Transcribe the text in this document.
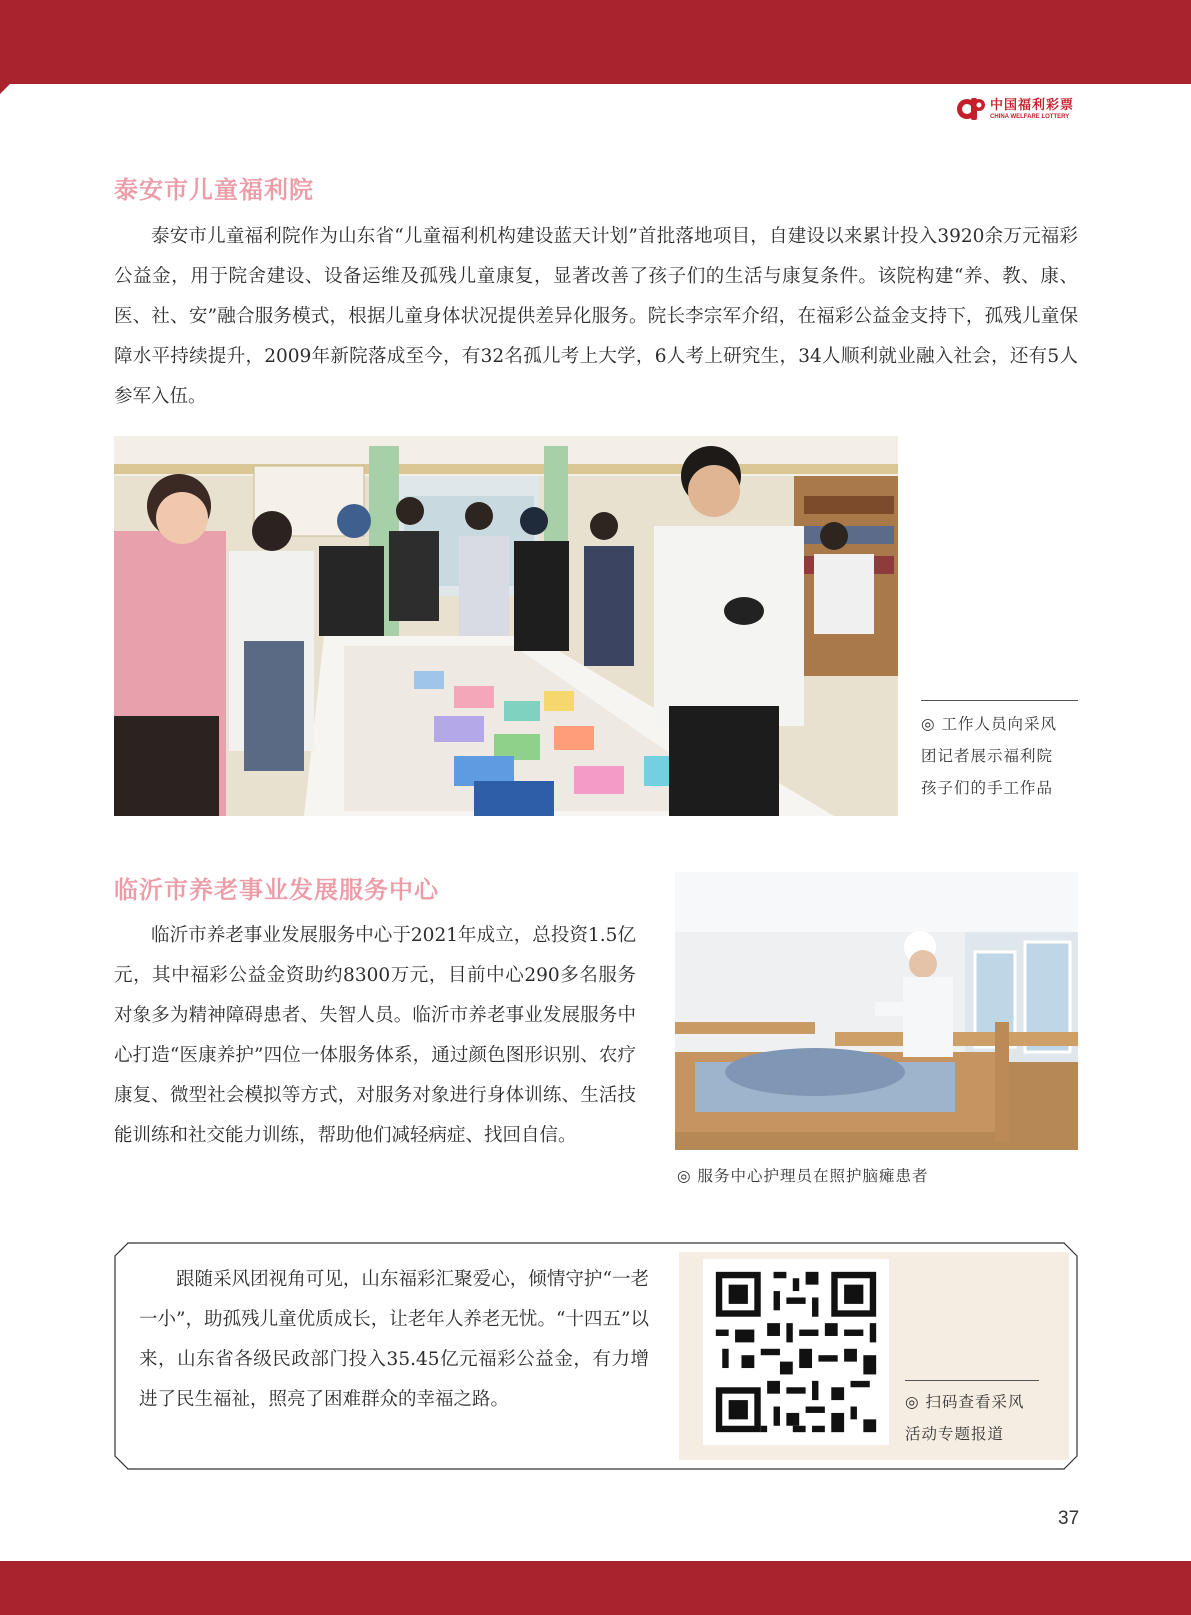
中国福利彩票
CHINA WELFARE LOTTERY
泰安市儿童福利院

泰安市儿童福利院作为山东省“儿童福利机构建设蓝天计划”首批落地项目，自建设以来累计投入3920余万元福彩公益金，用于院舍建设、设备运维及孤残儿童康复，显著改善了孩子们的生活与康复条件。该院构建“养、教、康、医、社、安”融合服务模式，根据儿童身体状况提供差异化服务。院长李宗军介绍，在福彩公益金支持下，孤残儿童保障水平持续提升，2009年新院落成至今，有32名孤儿考上大学，6人考上研究生，34人顺利就业融入社会，还有5人参军入伍。

◎ 工作人员向采风
团记者展示福利院
孩子们的手工作品
临沂市养老事业发展服务中心

临沂市养老事业发展服务中心于2021年成立，总投资1.5亿元，其中福彩公益金资助约8300万元，目前中心290多名服务对象多为精神障碍患者、失智人员。临沂市养老事业发展服务中心打造“医康养护”四位一体服务体系，通过颜色图形识别、农疗康复、微型社会模拟等方式，对服务对象进行身体训练、生活技能训练和社交能力训练，帮助他们减轻病症、找回自信。

◎ 服务中心护理员在照护脑瘫患者

跟随采风团视角可见，山东福彩汇聚爱心，倾情守护“一老一小”，助孤残儿童优质成长，让老年人养老无忧。“十四五”以来，山东省各级民政部门投入35.45亿元福彩公益金，有力增进了民生福祉，照亮了困难群众的幸福之路。	◎ 扫码查看采风
活动专题报道
37
